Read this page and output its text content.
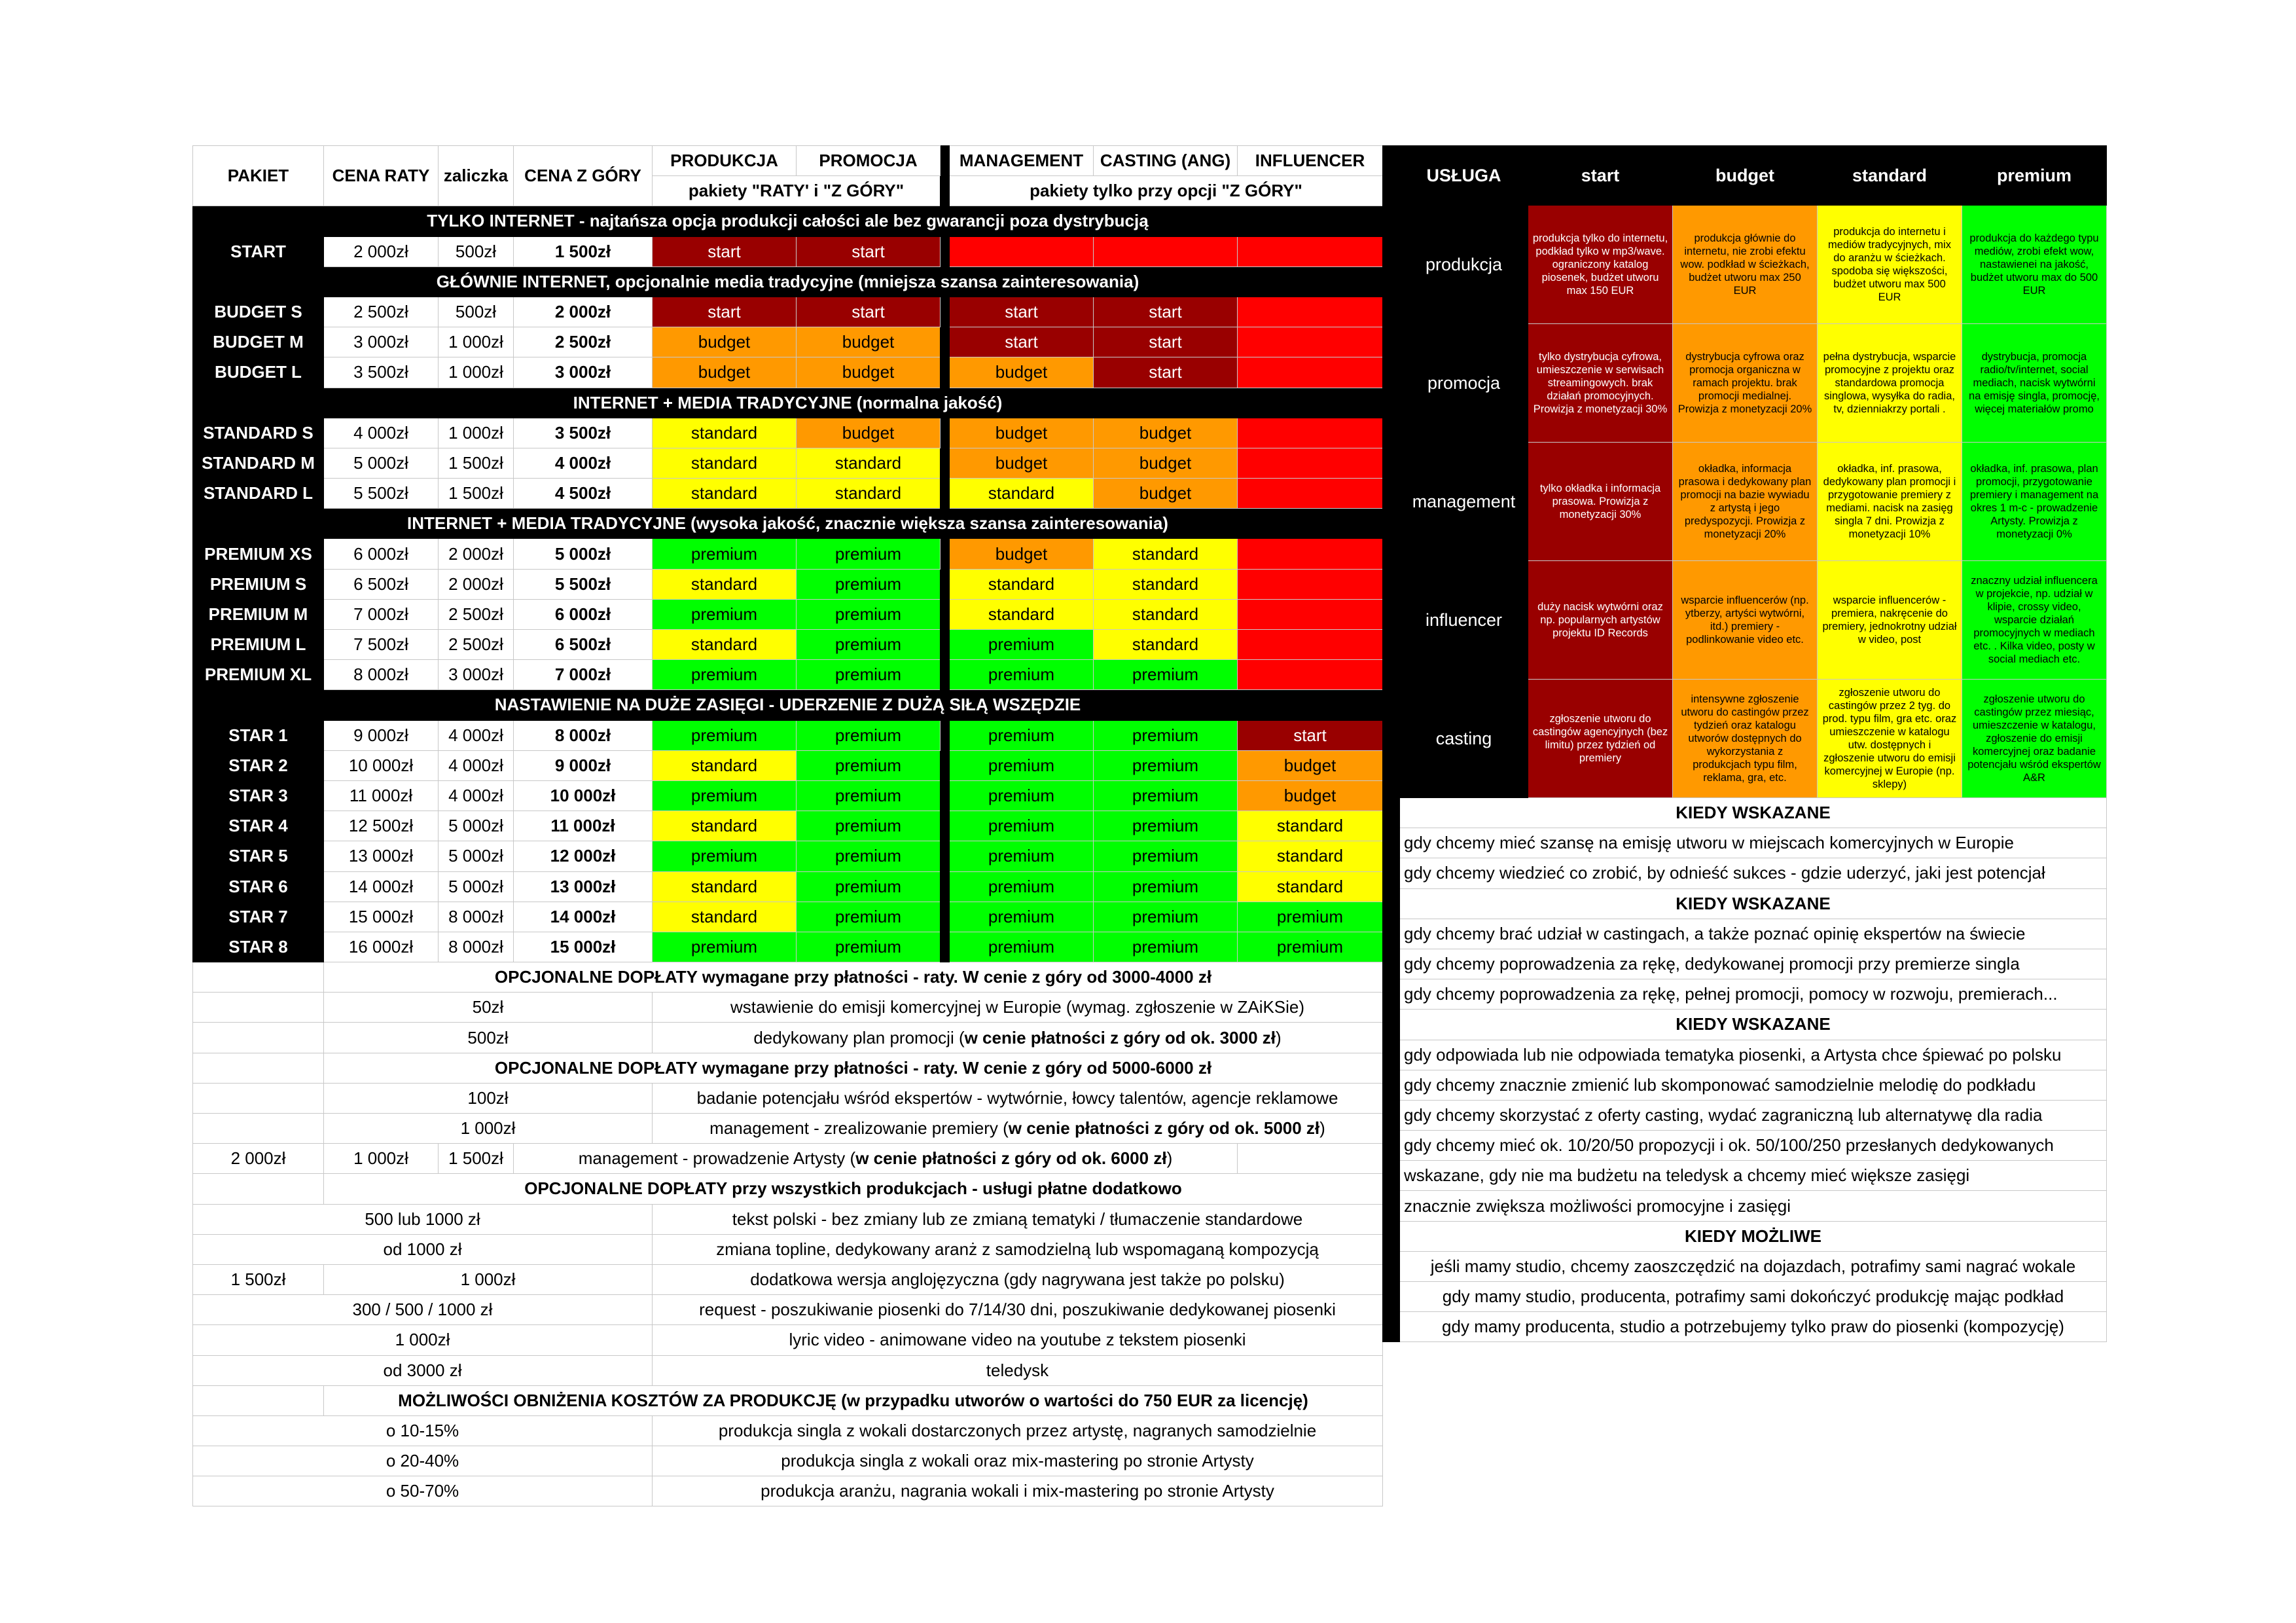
PAKIET	CENA RATY	zaliczka	CENA Z GÓRY	PRODUKCJA	PROMOCJA		MANAGEMENT	CASTING (ANG)	INFLUENCER
				pakiety "RATY' i "Z GÓRY"			pakiety tylko przy opcji "Z GÓRY"		
TYLKO INTERNET - najtańsza opcja produkcji całości ale bez gwarancji poza dystrybucją									
START	2 000zł	500zł	1 500zł	start	start				
GŁÓWNIE INTERNET, opcjonalnie media tradycyjne (mniejsza szansa zainteresowania)									
BUDGET S	2 500zł	500zł	2 000zł	start	start		start	start	
BUDGET M	3 000zł	1 000zł	2 500zł	budget	budget		start	start	
BUDGET L	3 500zł	1 000zł	3 000zł	budget	budget		budget	start	
INTERNET + MEDIA TRADYCYJNE (normalna jakość)									
STANDARD S	4 000zł	1 000zł	3 500zł	standard	budget		budget	budget	
STANDARD M	5 000zł	1 500zł	4 000zł	standard	standard		budget	budget	
STANDARD L	5 500zł	1 500zł	4 500zł	standard	standard		standard	budget	
INTERNET + MEDIA TRADYCYJNE (wysoka jakość, znacznie większa szansa zainteresowania)									
PREMIUM XS	6 000zł	2 000zł	5 000zł	premium	premium		budget	standard	
PREMIUM S	6 500zł	2 000zł	5 500zł	standard	premium		standard	standard	
PREMIUM M	7 000zł	2 500zł	6 000zł	premium	premium		standard	standard	
PREMIUM L	7 500zł	2 500zł	6 500zł	standard	premium		premium	standard	
PREMIUM XL	8 000zł	3 000zł	7 000zł	premium	premium		premium	premium	
NASTAWIENIE NA DUŻE ZASIĘGI - UDERZENIE Z DUŻĄ SIŁĄ WSZĘDZIE									
STAR 1	9 000zł	4 000zł	8 000zł	premium	premium		premium	premium	start
STAR 2	10 000zł	4 000zł	9 000zł	standard	premium		premium	premium	budget
STAR 3	11 000zł	4 000zł	10 000zł	premium	premium		premium	premium	budget
STAR 4	12 500zł	5 000zł	11 000zł	standard	premium		premium	premium	standard
STAR 5	13 000zł	5 000zł	12 000zł	premium	premium		premium	premium	standard
STAR 6	14 000zł	5 000zł	13 000zł	standard	premium		premium	premium	standard
STAR 7	15 000zł	8 000zł	14 000zł	standard	premium		premium	premium	premium
STAR 8	16 000zł	8 000zł	15 000zł	premium	premium		premium	premium	premium
	OPCJONALNE DOPŁATY wymagane przy płatności - raty. W cenie z góry od 3000-4000 zł								
	50zł			wstawienie do emisji komercyjnej w Europie (wymag. zgłoszenie w ZAiKSie)					
	500zł			dedykowany plan promocji (w cenie płatności z góry od ok. 3000 zł)					
	OPCJONALNE DOPŁATY wymagane przy płatności - raty. W cenie z góry od 5000-6000 zł								
	100zł			badanie potencjału wśród ekspertów - wytwórnie, łowcy talentów, agencje reklamowe					
	1 000zł			management - zrealizowanie premiery (w cenie płatności z góry od ok. 5000 zł)					
2 000zł	1 000zł	1 500zł	management - prowadzenie Artysty (w cenie płatności z góry od ok. 6000 zł)						
	OPCJONALNE DOPŁATY przy wszystkich produkcjach - usługi płatne dodatkowo								
500 lub 1000 zł				tekst polski - bez zmiany lub ze zmianą tematyki / tłumaczenie standardowe					
od 1000 zł				zmiana topline, dedykowany aranż z samodzielną lub wspomaganą kompozycją					
1 500zł	1 000zł			dodatkowa wersja anglojęzyczna (gdy nagrywana jest także po polsku)					
300 / 500 / 1000 zł				request - poszukiwanie piosenki do 7/14/30 dni, poszukiwanie dedykowanej piosenki					
1 000zł				lyric video - animowane video na youtube z tekstem piosenki					
od 3000 zł				teledysk					
	MOŻLIWOŚCI OBNIŻENIA KOSZTÓW ZA PRODUKCJĘ (w przypadku utworów o wartości do 750 EUR za licencję)								
o 10-15%				produkcja singla z wokali dostarczonych przez artystę, nagranych samodzielnie					
o 20-40%				produkcja singla z wokali oraz mix-mastering po stronie Artysty					
o 50-70%				produkcja aranżu, nagrania wokali i mix-mastering po stronie Artysty					
	USŁUGA	start	budget	standard	premium
	produkcja	produkcja tylko do internetu, podkład tylko w mp3/wave. ograniczony katalog piosenek, budżet utworu max 150 EUR	produkcja głównie do internetu, nie zrobi efektu wow. podkład w ścieżkach, budżet utworu max 250 EUR	produkcja do internetu i mediów tradycyjnych, mix do aranżu w ścieżkach. spodoba się większości, budżet utworu max 500 EUR	produkcja do każdego typu mediów, zrobi efekt wow, nastawienei na jakość, budżet utworu max do 500 EUR
	promocja	tylko dystrybucja cyfrowa, umieszczenie w serwisach streamingowych. brak działań promocyjnych. Prowizja z monetyzacji 30%	dystrybucja cyfrowa oraz promocja organiczna w ramach projektu. brak promocji medialnej. Prowizja z monetyzacji 20%	pełna dystrybucja, wsparcie promocyjne z projektu oraz standardowa promocja singlowa, wysyłka do radia, tv, dzienniakrzy portali .	dystrybucja, promocja radio/tv/internet, social mediach, nacisk wytwórni na emisję singla, promocję, więcej materiałów promo
	management	tylko okładka i informacja prasowa. Prowizja z monetyzacji 30%	okładka, informacja prasowa i dedykowany plan promocji na bazie wywiadu z artystą i jego predyspozycji. Prowizja z monetyzacji 20%	okładka, inf. prasowa, dedykowany plan promocji i przygotowanie premiery z mediami. nacisk na zasięg singla 7 dni. Prowizja z monetyzacji 10%	okładka, inf. prasowa, plan promocji, przygotowanie premiery i management na okres 1 m-c - prowadzenie Artysty. Prowizja z monetyzacji 0%
	influencer	duży nacisk wytwórni oraz np. popularnych artystów projektu ID Records	wsparcie influencerów (np. ytberzy, artyści wytwórni, itd.) premiery - podlinkowanie video etc.	wsparcie influencerów - premiera, nakręcenie do premiery, jednokrotny udział w video, post	znaczny udział influencera w projekcie, np. udział w klipie, crossy video, wsparcie działań promocyjnych w mediach etc. . Kilka video, posty w social mediach etc.
	casting	zgłoszenie utworu do castingów agencyjnych (bez limitu) przez tydzień od premiery	intensywne zgłoszenie utworu do castingów przez tydzień oraz katalogu utworów dostępnych do wykorzystania z produkcjach typu film, reklama, gra, etc.	zgłoszenie utworu do castingów przez 2 tyg. do prod. typu film, gra etc. oraz umieszczenie w katalogu utw. dostępnych i zgłoszenie utworu do emisji komercyjnej w Europie (np. sklepy)	zgłoszenie utworu do castingów przez miesiąc, umieszczenie w katalogu, zgłoszenie do emisji komercyjnej oraz badanie potencjału wśród ekspertów A&R
	KIEDY WSKAZANE				
	gdy chcemy mieć szansę na emisję utworu w miejscach komercyjnych w Europie				
	gdy chcemy wiedzieć co zrobić, by odnieść sukces - gdzie uderzyć, jaki jest potencjał				
	KIEDY WSKAZANE				
	gdy chcemy brać udział w castingach, a także poznać opinię ekspertów na świecie				
	gdy chcemy poprowadzenia za rękę, dedykowanej promocji przy premierze singla				
	gdy chcemy poprowadzenia za rękę, pełnej promocji, pomocy w rozwoju, premierach...				
	KIEDY WSKAZANE				
	gdy odpowiada lub nie odpowiada tematyka piosenki, a Artysta chce śpiewać po polsku				
	gdy chcemy znacznie zmienić lub skomponować samodzielnie melodię do podkładu				
	gdy chcemy skorzystać z oferty casting, wydać zagraniczną lub alternatywę dla radia				
	gdy chcemy mieć ok. 10/20/50 propozycji i ok. 50/100/250 przesłanych dedykowanych				
	wskazane, gdy nie ma budżetu na teledysk a chcemy mieć większe zasięgi				
	znacznie zwiększa możliwości promocyjne i zasięgi				
	KIEDY MOŻLIWE				
	jeśli mamy studio, chcemy zaoszczędzić na dojazdach, potrafimy sami nagrać wokale				
	gdy mamy studio, producenta, potrafimy sami dokończyć produkcję mając podkład				
	gdy mamy producenta, studio a potrzebujemy tylko praw do piosenki (kompozycję)				
